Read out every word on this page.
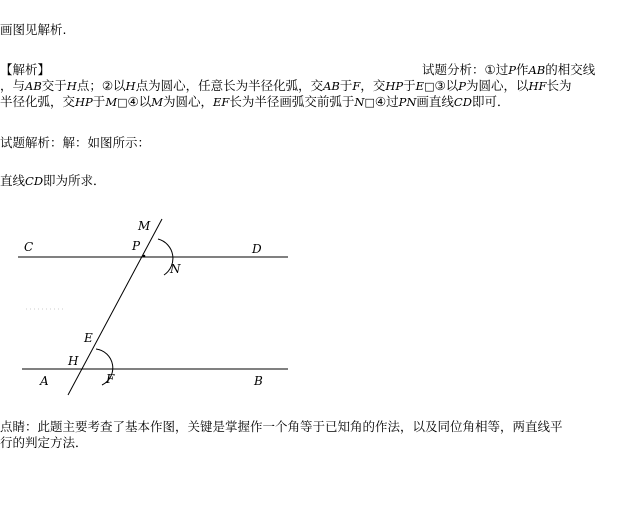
画图见解析.
【解析】	试题分析：①过P作AB的相交线
，与AB交于H点；②以H点为圆心，任意长为半径化弧，交AB于F，交HP于E□③以P为圆心，以HF长为
半径化弧，交HP于M□④以M为圆心，EF长为半径画弧交前弧于N□④过PN画直线CD即可．
试题解析：解：如图所示：
直线CD即为所求．
C	D
M
P
N
E
H
A	F	B
点睛：此题主要考查了基本作图，关键是掌握作一个角等于已知角的作法，以及同位角相等，两直线平
行的判定方法．
